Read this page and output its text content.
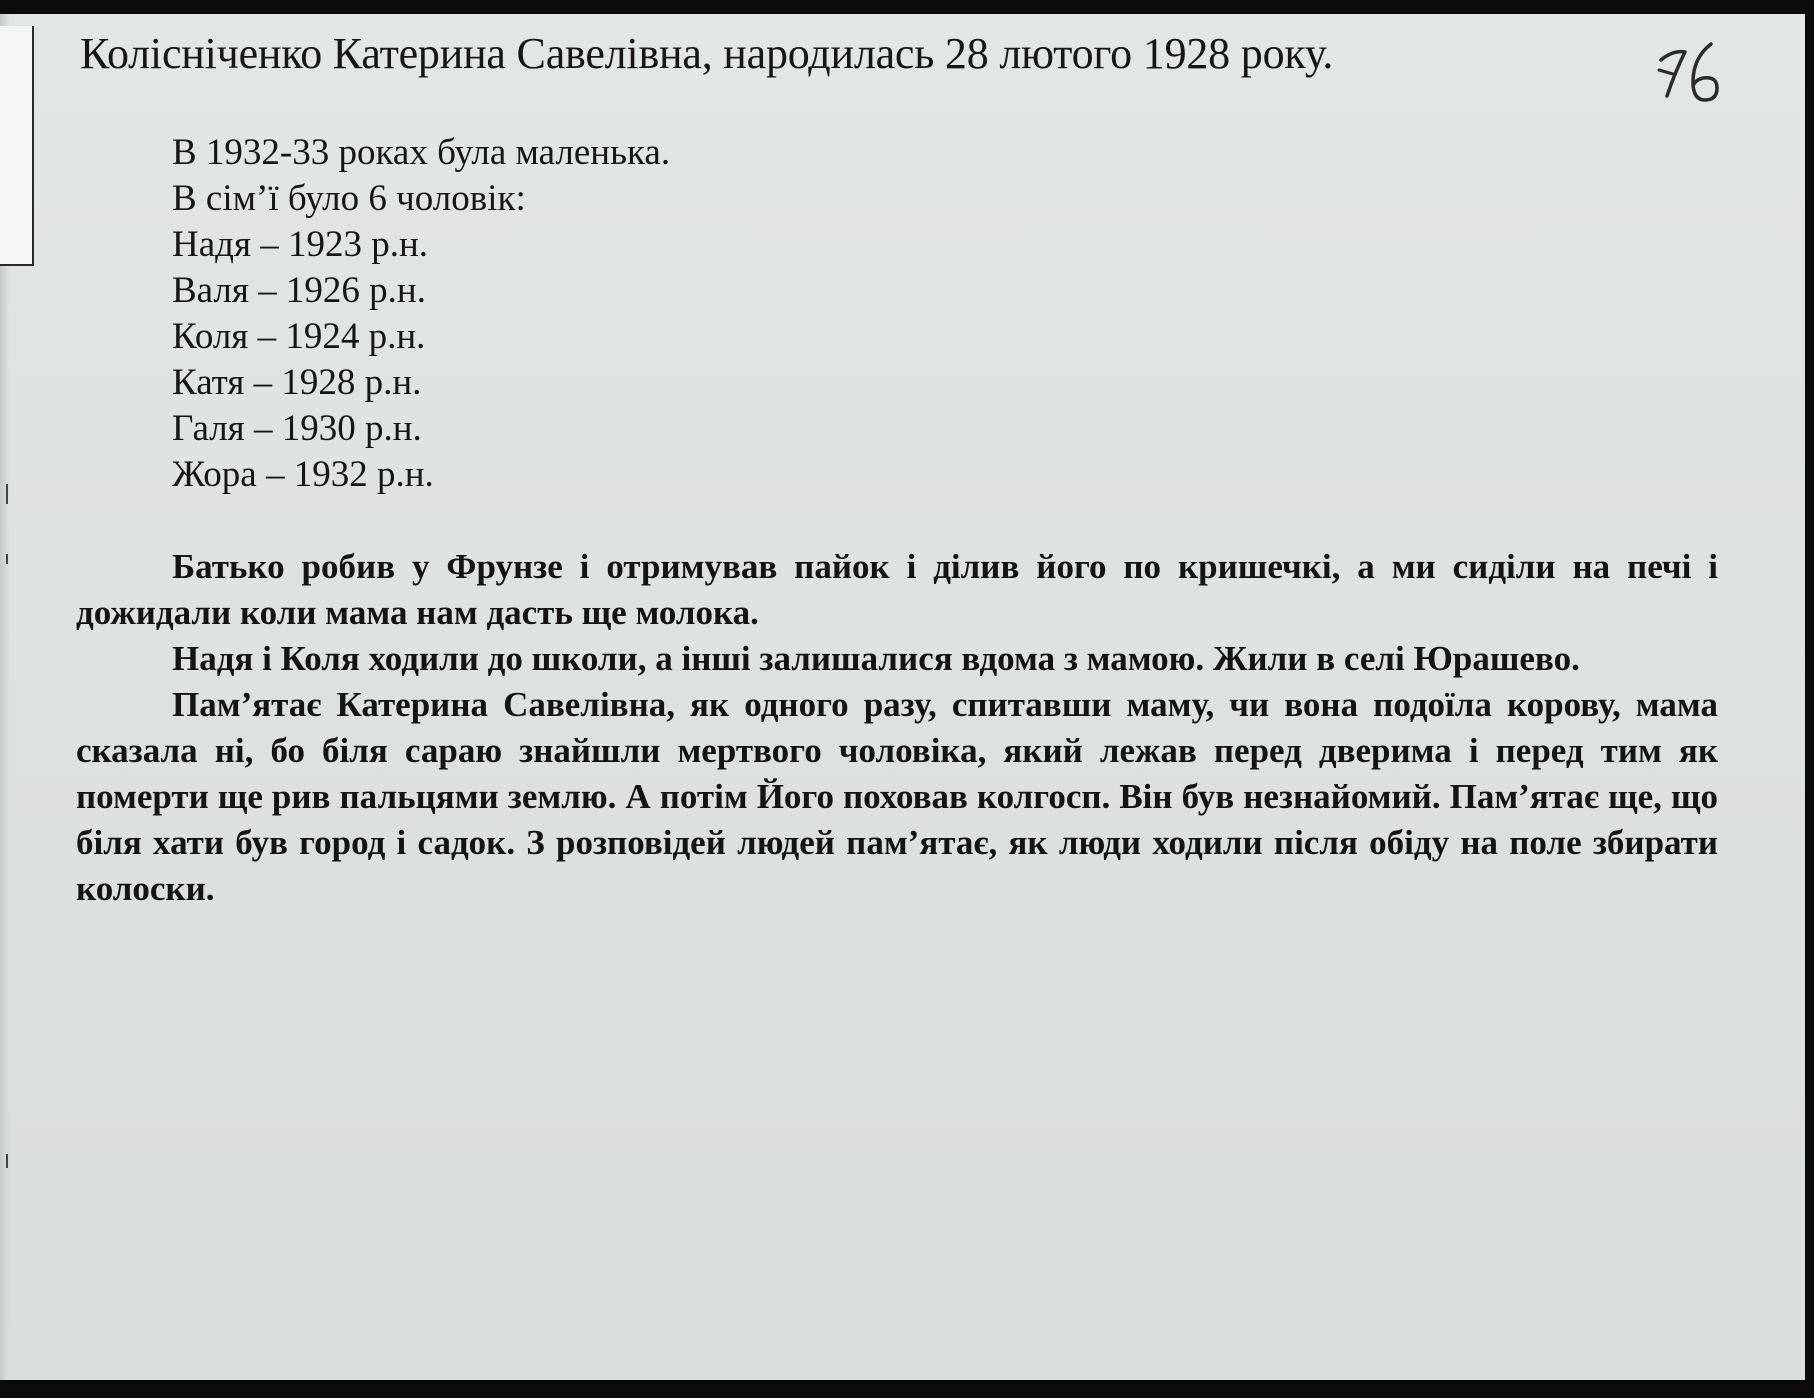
Колісніченко Катерина Савелівна, народилась 28 лютого 1928 року.
В 1932-33 роках була маленька.
В сім’ї було 6 чоловік:
Надя – 1923 р.н.
Валя – 1926 р.н.
Коля – 1924 р.н.
Катя – 1928 р.н.
Галя – 1930 р.н.
Жора – 1932 р.н.

Батько робив у Фрунзе і отримував пайок і ділив його по кришечкі, а ми сиділи на печі і дожидали коли мама нам дасть ще молока.

Надя і Коля ходили до школи, а інші залишалися вдома з мамою. Жили в селі Юрашево.

Пам’ятає Катерина Савелівна, як одного разу, спитавши маму, чи вона подоїла корову, мама сказала ні, бо біля сараю знайшли мертвого чоловіка, який лежав перед дверима і перед тим як померти ще рив пальцями землю. А потім Його поховав колгосп. Він був незнайомий. Пам’ятає ще, що біля хати був город і садок. З розповідей людей пам’ятає, як люди ходили після обіду на поле збирати колоски.
